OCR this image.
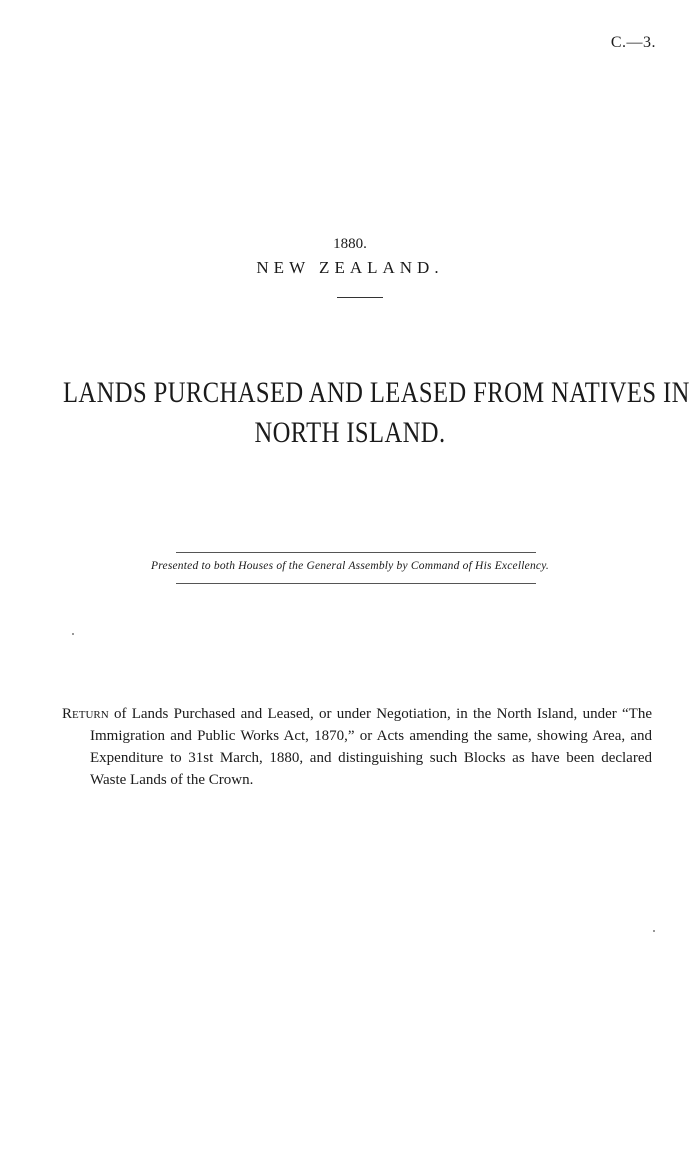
C.—3.
1880.
NEW ZEALAND.
LANDS PURCHASED AND LEASED FROM NATIVES IN
NORTH ISLAND.
Presented to both Houses of the General Assembly by Command of His Excellency.

Return of Lands Purchased and Leased, or under Negotiation, in the North Island, under “The Immigration and Public Works Act, 1870,” or Acts amending the same, showing Area, and Expenditure to 31st March, 1880, and distinguishing such Blocks as have been declared Waste Lands of the Crown.
